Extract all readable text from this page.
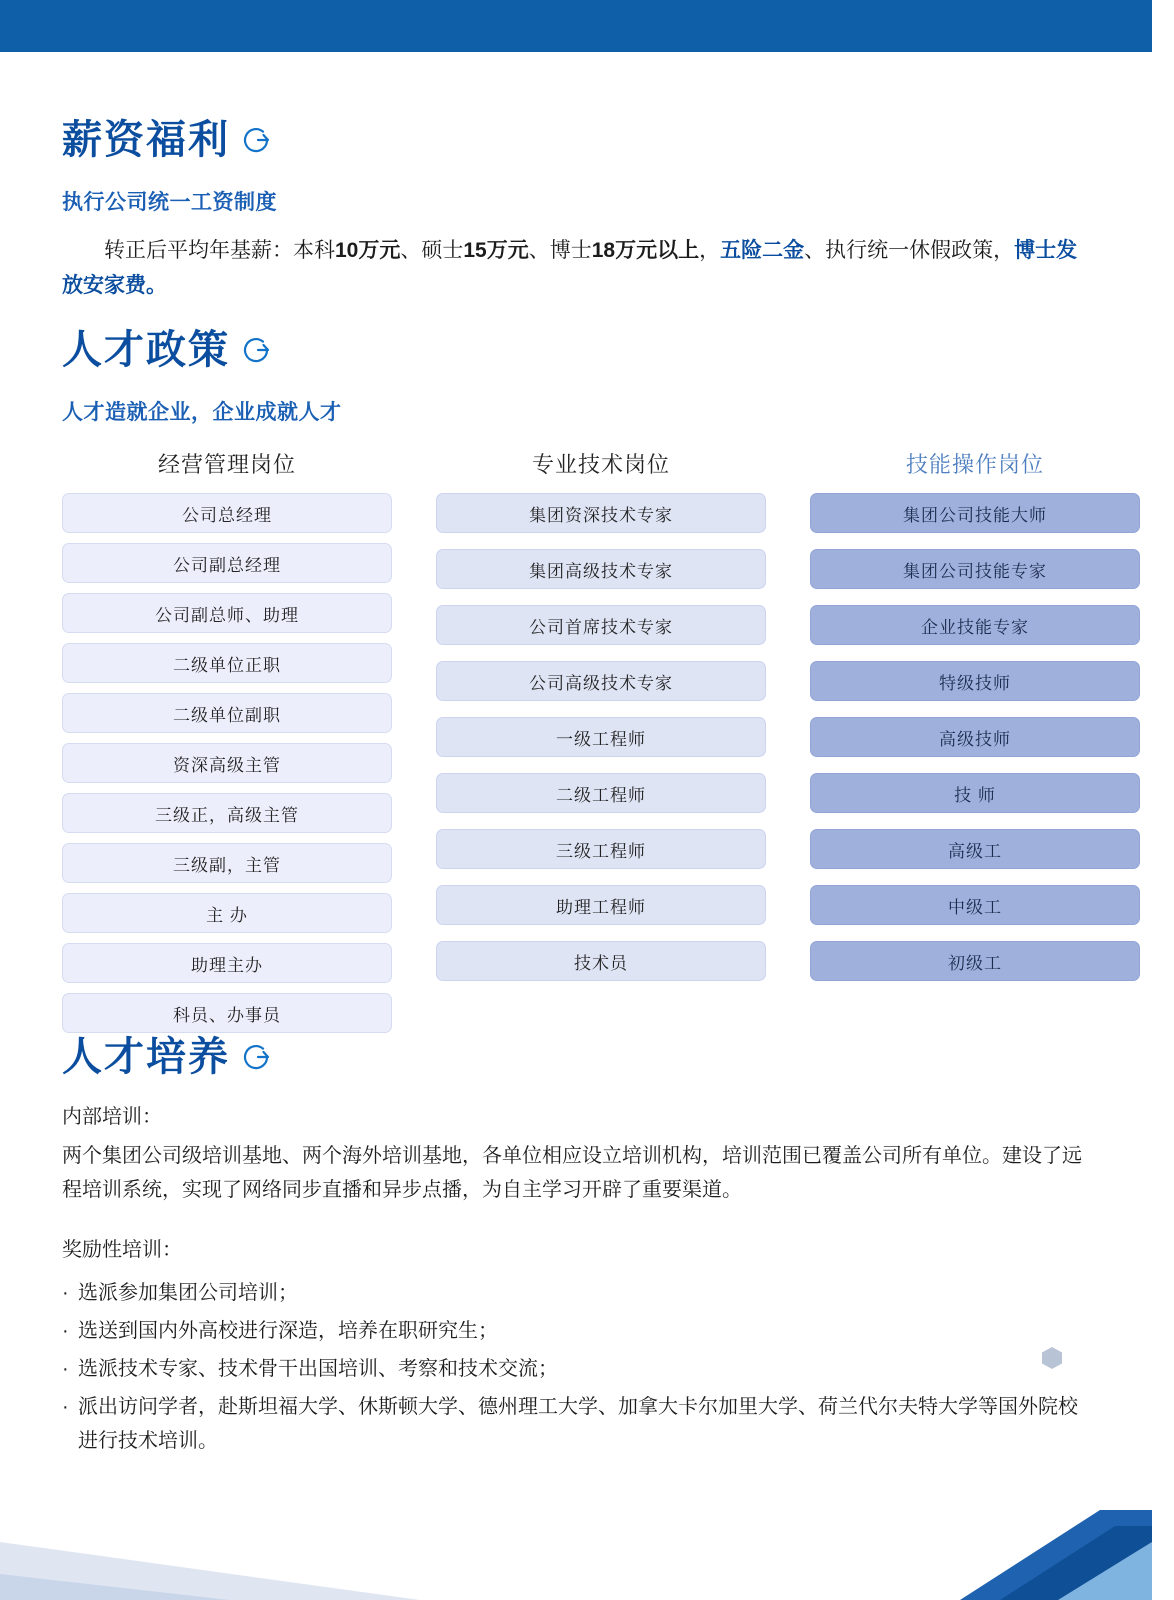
薪资福利
执行公司统一工资制度
转正后平均年基薪：本科10万元、硕士15万元、博士18万元以上，五险二金、执行统一休假政策，博士发放安家费。
人才政策
人才造就企业，企业成就人才
经营管理岗位
公司总经理
公司副总经理
公司副总师、助理
二级单位正职
二级单位副职
资深高级主管
三级正，高级主管
三级副，主管
主 办
助理主办
科员、办事员
专业技术岗位
集团资深技术专家
集团高级技术专家
公司首席技术专家
公司高级技术专家
一级工程师
二级工程师
三级工程师
助理工程师
技术员
技能操作岗位
集团公司技能大师
集团公司技能专家
企业技能专家
特级技师
高级技师
技 师
高级工
中级工
初级工
人才培养
内部培训：
两个集团公司级培训基地、两个海外培训基地，各单位相应设立培训机构，培训范围已覆盖公司所有单位。建设了远程培训系统，实现了网络同步直播和异步点播，为自主学习开辟了重要渠道。
奖励性培训：
· 选派参加集团公司培训；
· 选送到国内外高校进行深造，培养在职研究生；
· 选派技术专家、技术骨干出国培训、考察和技术交流；
· 派出访问学者，赴斯坦福大学、休斯顿大学、德州理工大学、加拿大卡尔加里大学、荷兰代尔夫特大学等国外院校进行技术培训。
